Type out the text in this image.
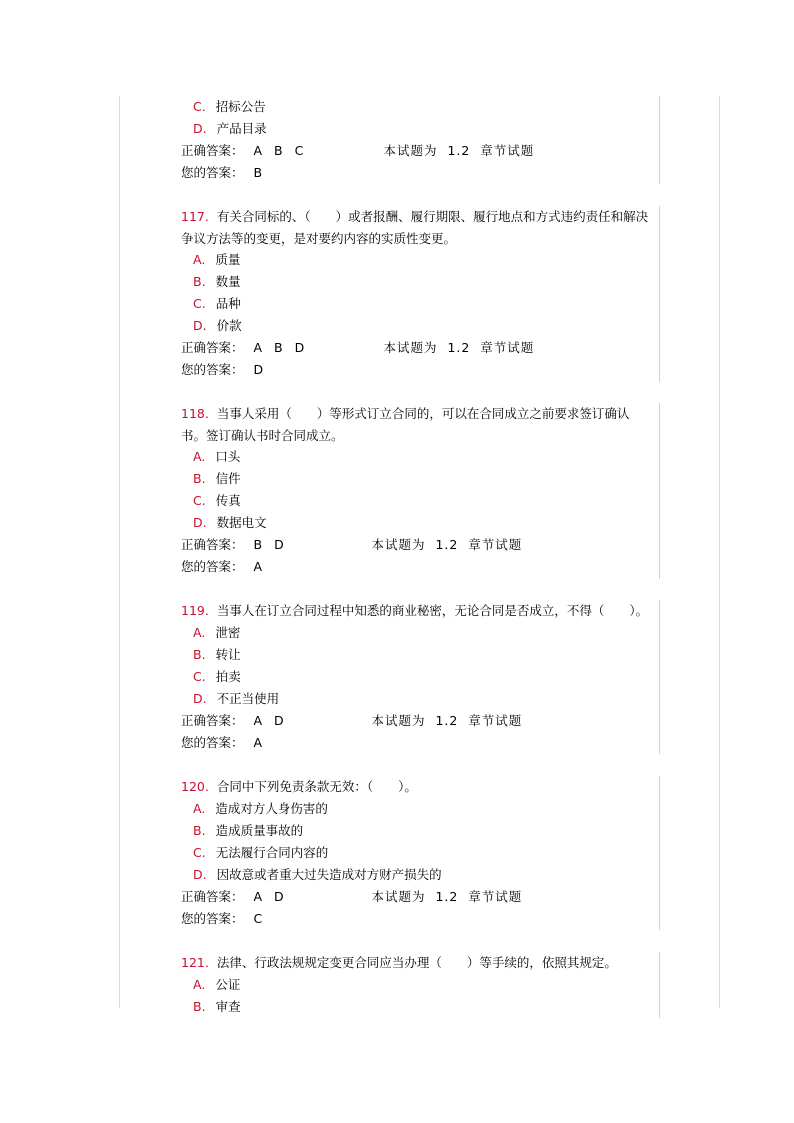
C. 招标公告
D. 产品目录
正确答案： A B C	本试题为  1.2  章节试题
您的答案： B
117. 有关合同标的、（　　）或者报酬、履行期限、履行地点和方式违约责任和解决争议方法等的变更，是对要约内容的实质性变更。
A. 质量
B. 数量
C. 品种
D. 价款
正确答案： A B D	本试题为  1.2  章节试题
您的答案： D
118. 当事人采用（　　）等形式订立合同的，可以在合同成立之前要求签订确认书。签订确认书时合同成立。
A. 口头
B. 信件
C. 传真
D. 数据电文
正确答案： B D	本试题为  1.2  章节试题
您的答案： A
119. 当事人在订立合同过程中知悉的商业秘密，无论合同是否成立，不得（　　）。
A. 泄密
B. 转让
C. 拍卖
D. 不正当使用
正确答案： A D	本试题为  1.2  章节试题
您的答案： A
120. 合同中下列免责条款无效：（　　）。
A. 造成对方人身伤害的
B. 造成质量事故的
C. 无法履行合同内容的
D. 因故意或者重大过失造成对方财产损失的
正确答案： A D	本试题为  1.2  章节试题
您的答案： C
121. 法律、行政法规规定变更合同应当办理（　　）等手续的，依照其规定。
A. 公证
B. 审查
